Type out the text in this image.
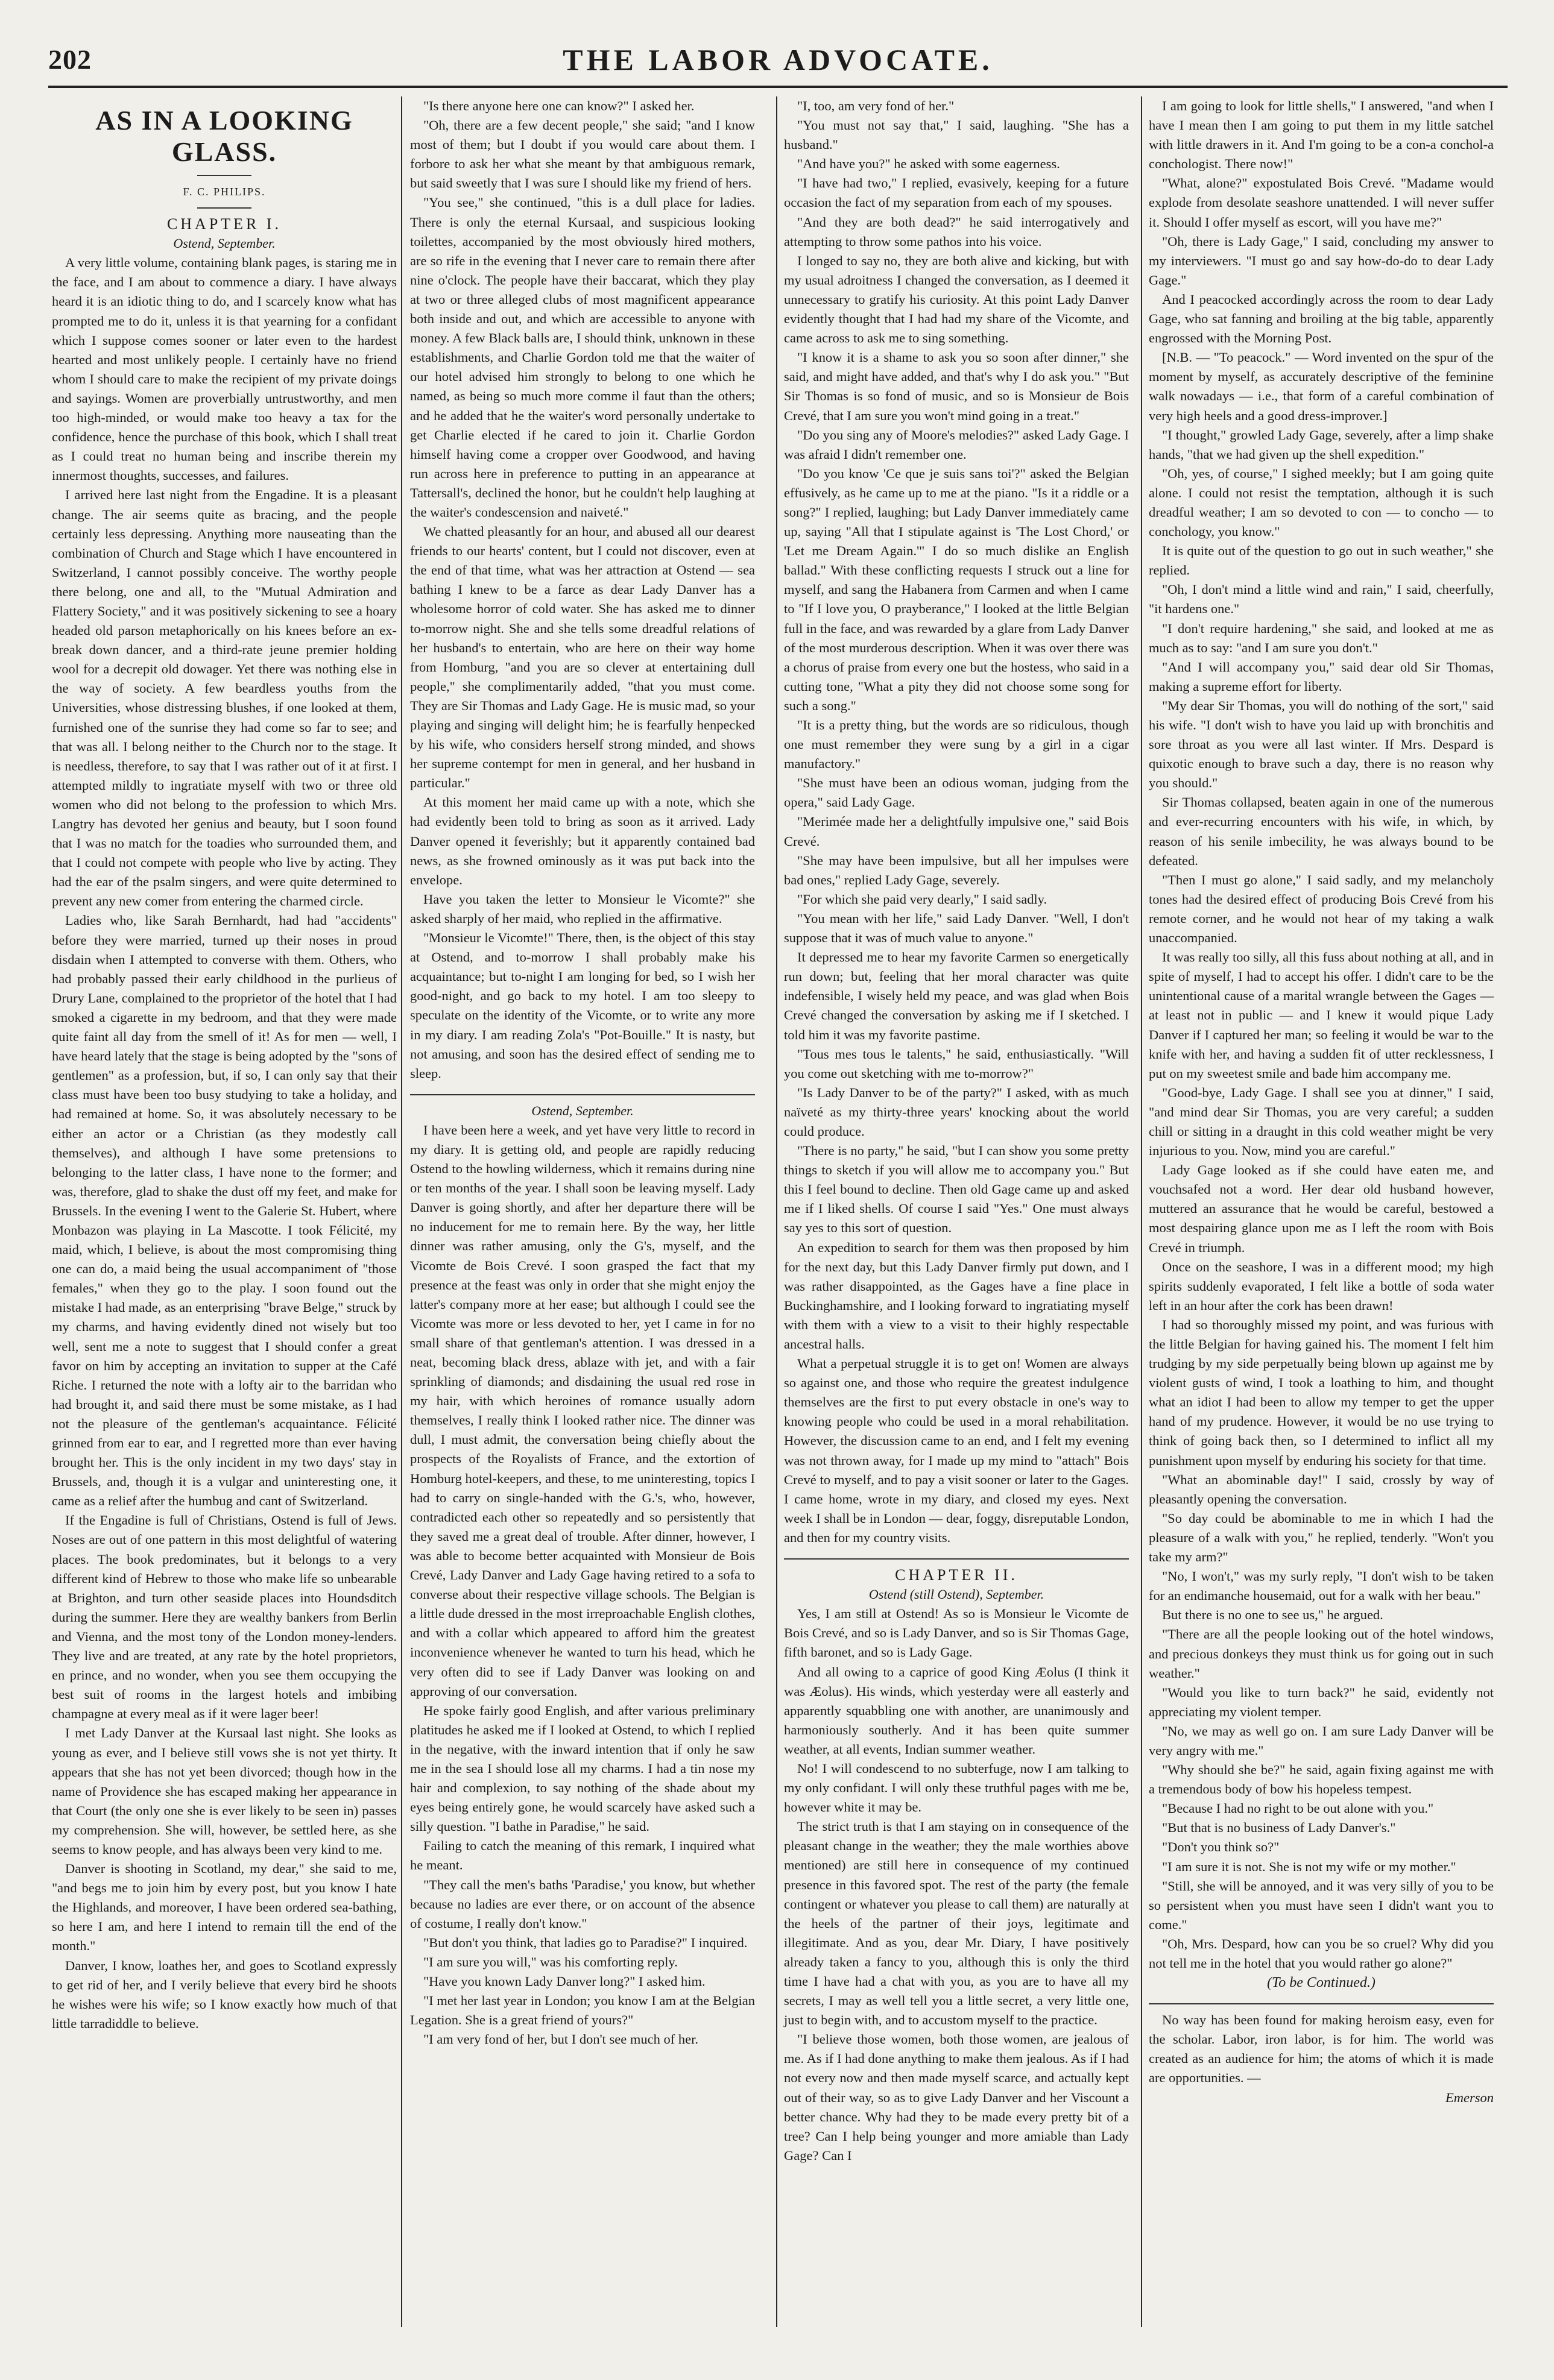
202	THE LABOR ADVOCATE.
AS IN A LOOKING GLASS.
F. C. PHILIPS.

CHAPTER I.

Ostend, September.

A very little volume, containing blank pages, is staring me in the face, and I am about to commence a diary. I have always heard it is an idiotic thing to do, and I scarcely know what has prompted me to do it, unless it is that yearning for a confidant which I suppose comes sooner or later even to the hardest hearted and most unlikely people. I certainly have no friend whom I should care to make the recipient of my private doings and sayings. Women are proverbially untrustworthy, and men too high-minded, or would make too heavy a tax for the confidence, hence the purchase of this book, which I shall treat as I could treat no human being and inscribe therein my innermost thoughts, successes, and failures.

I arrived here last night from the Engadine. It is a pleasant change. The air seems quite as bracing, and the people certainly less depressing. Anything more nauseating than the combination of Church and Stage which I have encountered in Switzerland, I cannot possibly conceive. The worthy people there belong, one and all, to the "Mutual Admiration and Flattery Society," and it was positively sickening to see a hoary headed old parson metaphorically on his knees before an ex-break down dancer, and a third-rate jeune premier holding wool for a decrepit old dowager. Yet there was nothing else in the way of society. A few beardless youths from the Universities, whose distressing blushes, if one looked at them, furnished one of the sunrise they had come so far to see; and that was all. I belong neither to the Church nor to the stage. It is needless, therefore, to say that I was rather out of it at first. I attempted mildly to ingratiate myself with two or three old women who did not belong to the profession to which Mrs. Langtry has devoted her genius and beauty, but I soon found that I was no match for the toadies who surrounded them, and that I could not compete with people who live by acting. They had the ear of the psalm singers, and were quite determined to prevent any new comer from entering the charmed circle.

Ladies who, like Sarah Bernhardt, had had "accidents" before they were married, turned up their noses in proud disdain when I attempted to converse with them. Others, who had probably passed their early childhood in the purlieus of Drury Lane, complained to the proprietor of the hotel that I had smoked a cigarette in my bedroom, and that they were made quite faint all day from the smell of it! As for men — well, I have heard lately that the stage is being adopted by the "sons of gentlemen" as a profession, but, if so, I can only say that their class must have been too busy studying to take a holiday, and had remained at home. So, it was absolutely necessary to be either an actor or a Christian (as they modestly call themselves), and although I have some pretensions to belonging to the latter class, I have none to the former; and was, therefore, glad to shake the dust off my feet, and make for Brussels. In the evening I went to the Galerie St. Hubert, where Monbazon was playing in La Mascotte. I took Félicité, my maid, which, I believe, is about the most compromising thing one can do, a maid being the usual accompaniment of "those females," when they go to the play. I soon found out the mistake I had made, as an enterprising "brave Belge," struck by my charms, and having evidently dined not wisely but too well, sent me a note to suggest that I should confer a great favor on him by accepting an invitation to supper at the Café Riche. I returned the note with a lofty air to the barridan who had brought it, and said there must be some mistake, as I had not the pleasure of the gentleman's acquaintance. Félicité grinned from ear to ear, and I regretted more than ever having brought her. This is the only incident in my two days' stay in Brussels, and, though it is a vulgar and uninteresting one, it came as a relief after the humbug and cant of Switzerland.

If the Engadine is full of Christians, Ostend is full of Jews. Noses are out of one pattern in this most delightful of watering places. The book predominates, but it belongs to a very different kind of Hebrew to those who make life so unbearable at Brighton, and turn other seaside places into Houndsditch during the summer. Here they are wealthy bankers from Berlin and Vienna, and the most tony of the London money-lenders. They live and are treated, at any rate by the hotel proprietors, en prince, and no wonder, when you see them occupying the best suit of rooms in the largest hotels and imbibing champagne at every meal as if it were lager beer!

I met Lady Danver at the Kursaal last night. She looks as young as ever, and I believe still vows she is not yet thirty. It appears that she has not yet been divorced; though how in the name of Providence she has escaped making her appearance in that Court (the only one she is ever likely to be seen in) passes my comprehension. She will, however, be settled here, as she seems to know people, and has always been very kind to me.

Danver is shooting in Scotland, my dear," she said to me, "and begs me to join him by every post, but you know I hate the Highlands, and moreover, I have been ordered sea-bathing, so here I am, and here I intend to remain till the end of the month."

Danver, I know, loathes her, and goes to Scotland expressly to get rid of her, and I verily believe that every bird he shoots he wishes were his wife; so I know exactly how much of that little tarradiddle to believe.

"Is there anyone here one can know?" I asked her.

"Oh, there are a few decent people," she said; "and I know most of them; but I doubt if you would care about them. I forbore to ask her what she meant by that ambiguous remark, but said sweetly that I was sure I should like my friend of hers.

"You see," she continued, "this is a dull place for ladies. There is only the eternal Kursaal, and suspicious looking toilettes, accompanied by the most obviously hired mothers, are so rife in the evening that I never care to remain there after nine o'clock. The people have their baccarat, which they play at two or three alleged clubs of most magnificent appearance both inside and out, and which are accessible to anyone with money. A few Black balls are, I should think, unknown in these establishments, and Charlie Gordon told me that the waiter of our hotel advised him strongly to belong to one which he named, as being so much more comme il faut than the others; and he added that he the waiter's word personally undertake to get Charlie elected if he cared to join it. Charlie Gordon himself having come a cropper over Goodwood, and having run across here in preference to putting in an appearance at Tattersall's, declined the honor, but he couldn't help laughing at the waiter's condescension and naiveté."

We chatted pleasantly for an hour, and abused all our dearest friends to our hearts' content, but I could not discover, even at the end of that time, what was her attraction at Ostend — sea bathing I knew to be a farce as dear Lady Danver has a wholesome horror of cold water. She has asked me to dinner to-morrow night. She and she tells some dreadful relations of her husband's to entertain, who are here on their way home from Homburg, "and you are so clever at entertaining dull people," she complimentarily added, "that you must come. They are Sir Thomas and Lady Gage. He is music mad, so your playing and singing will delight him; he is fearfully henpecked by his wife, who considers herself strong minded, and shows her supreme contempt for men in general, and her husband in particular."

At this moment her maid came up with a note, which she had evidently been told to bring as soon as it arrived. Lady Danver opened it feverishly; but it apparently contained bad news, as she frowned ominously as it was put back into the envelope.

Have you taken the letter to Monsieur le Vicomte?" she asked sharply of her maid, who replied in the affirmative.

"Monsieur le Vicomte!" There, then, is the object of this stay at Ostend, and to-morrow I shall probably make his acquaintance; but to-night I am longing for bed, so I wish her good-night, and go back to my hotel. I am too sleepy to speculate on the identity of the Vicomte, or to write any more in my diary. I am reading Zola's "Pot-Bouille." It is nasty, but not amusing, and soon has the desired effect of sending me to sleep.

Ostend, September.

I have been here a week, and yet have very little to record in my diary. It is getting old, and people are rapidly reducing Ostend to the howling wilderness, which it remains during nine or ten months of the year. I shall soon be leaving myself. Lady Danver is going shortly, and after her departure there will be no inducement for me to remain here. By the way, her little dinner was rather amusing, only the G's, myself, and the Vicomte de Bois Crevé. I soon grasped the fact that my presence at the feast was only in order that she might enjoy the latter's company more at her ease; but although I could see the Vicomte was more or less devoted to her, yet I came in for no small share of that gentleman's attention. I was dressed in a neat, becoming black dress, ablaze with jet, and with a fair sprinkling of diamonds; and disdaining the usual red rose in my hair, with which heroines of romance usually adorn themselves, I really think I looked rather nice. The dinner was dull, I must admit, the conversation being chiefly about the prospects of the Royalists of France, and the extortion of Homburg hotel-keepers, and these, to me uninteresting, topics I had to carry on single-handed with the G.'s, who, however, contradicted each other so repeatedly and so persistently that they saved me a great deal of trouble. After dinner, however, I was able to become better acquainted with Monsieur de Bois Crevé, Lady Danver and Lady Gage having retired to a sofa to converse about their respective village schools. The Belgian is a little dude dressed in the most irreproachable English clothes, and with a collar which appeared to afford him the greatest inconvenience whenever he wanted to turn his head, which he very often did to see if Lady Danver was looking on and approving of our conversation.

He spoke fairly good English, and after various preliminary platitudes he asked me if I looked at Ostend, to which I replied in the negative, with the inward intention that if only he saw me in the sea I should lose all my charms. I had a tin nose my hair and complexion, to say nothing of the shade about my eyes being entirely gone, he would scarcely have asked such a silly question. "I bathe in Paradise," he said.

Failing to catch the meaning of this remark, I inquired what he meant.

"They call the men's baths 'Paradise,' you know, but whether because no ladies are ever there, or on account of the absence of costume, I really don't know."

"But don't you think, that ladies go to Paradise?" I inquired.

"I am sure you will," was his comforting reply.

"Have you known Lady Danver long?" I asked him.

"I met her last year in London; you know I am at the Belgian Legation. She is a great friend of yours?"

"I am very fond of her, but I don't see much of her.

"I, too, am very fond of her."

"You must not say that," I said, laughing. "She has a husband."

"And have you?" he asked with some eagerness.

"I have had two," I replied, evasively, keeping for a future occasion the fact of my separation from each of my spouses.

"And they are both dead?" he said interrogatively and attempting to throw some pathos into his voice.

I longed to say no, they are both alive and kicking, but with my usual adroitness I changed the conversation, as I deemed it unnecessary to gratify his curiosity. At this point Lady Danver evidently thought that I had had my share of the Vicomte, and came across to ask me to sing something.

"I know it is a shame to ask you so soon after dinner," she said, and might have added, and that's why I do ask you." "But Sir Thomas is so fond of music, and so is Monsieur de Bois Crevé, that I am sure you won't mind going in a treat."

"Do you sing any of Moore's melodies?" asked Lady Gage. I was afraid I didn't remember one.

"Do you know 'Ce que je suis sans toi'?" asked the Belgian effusively, as he came up to me at the piano. "Is it a riddle or a song?" I replied, laughing; but Lady Danver immediately came up, saying "All that I stipulate against is 'The Lost Chord,' or 'Let me Dream Again.'" I do so much dislike an English ballad." With these conflicting requests I struck out a line for myself, and sang the Habanera from Carmen and when I came to "If I love you, O prayberance," I looked at the little Belgian full in the face, and was rewarded by a glare from Lady Danver of the most murderous description. When it was over there was a chorus of praise from every one but the hostess, who said in a cutting tone, "What a pity they did not choose some song for such a song."

"It is a pretty thing, but the words are so ridiculous, though one must remember they were sung by a girl in a cigar manufactory."

"She must have been an odious woman, judging from the opera," said Lady Gage.

"Merimée made her a delightfully impulsive one," said Bois Crevé.

"She may have been impulsive, but all her impulses were bad ones," replied Lady Gage, severely.

"For which she paid very dearly," I said sadly.

"You mean with her life," said Lady Danver. "Well, I don't suppose that it was of much value to anyone."

It depressed me to hear my favorite Carmen so energetically run down; but, feeling that her moral character was quite indefensible, I wisely held my peace, and was glad when Bois Crevé changed the conversation by asking me if I sketched. I told him it was my favorite pastime.

"Tous mes tous le talents," he said, enthusiastically. "Will you come out sketching with me to-morrow?"

"Is Lady Danver to be of the party?" I asked, with as much naïveté as my thirty-three years' knocking about the world could produce.

"There is no party," he said, "but I can show you some pretty things to sketch if you will allow me to accompany you." But this I feel bound to decline. Then old Gage came up and asked me if I liked shells. Of course I said "Yes." One must always say yes to this sort of question.

An expedition to search for them was then proposed by him for the next day, but this Lady Danver firmly put down, and I was rather disappointed, as the Gages have a fine place in Buckinghamshire, and I looking forward to ingratiating myself with them with a view to a visit to their highly respectable ancestral halls.

What a perpetual struggle it is to get on! Women are always so against one, and those who require the greatest indulgence themselves are the first to put every obstacle in one's way to knowing people who could be used in a moral rehabilitation. However, the discussion came to an end, and I felt my evening was not thrown away, for I made up my mind to "attach" Bois Crevé to myself, and to pay a visit sooner or later to the Gages. I came home, wrote in my diary, and closed my eyes. Next week I shall be in London — dear, foggy, disreputable London, and then for my country visits.

CHAPTER II.

Ostend (still Ostend), September.

Yes, I am still at Ostend! As so is Monsieur le Vicomte de Bois Crevé, and so is Lady Danver, and so is Sir Thomas Gage, fifth baronet, and so is Lady Gage.

And all owing to a caprice of good King Æolus (I think it was Æolus). His winds, which yesterday were all easterly and apparently squabbling one with another, are unanimously and harmoniously southerly. And it has been quite summer weather, at all events, Indian summer weather.

No! I will condescend to no subterfuge, now I am talking to my only confidant. I will only these truthful pages with me be, however white it may be.

The strict truth is that I am staying on in consequence of the pleasant change in the weather; they the male worthies above mentioned) are still here in consequence of my continued presence in this favored spot. The rest of the party (the female contingent or whatever you please to call them) are naturally at the heels of the partner of their joys, legitimate and illegitimate. And as you, dear Mr. Diary, I have positively already taken a fancy to you, although this is only the third time I have had a chat with you, as you are to have all my secrets, I may as well tell you a little secret, a very little one, just to begin with, and to accustom myself to the practice.

"I believe those women, both those women, are jealous of me. As if I had done anything to make them jealous. As if I had not every now and then made myself scarce, and actually kept out of their way, so as to give Lady Danver and her Viscount a better chance. Why had they to be made every pretty bit of a tree? Can I help being younger and more amiable than Lady Gage? Can I

I am going to look for little shells," I answered, "and when I have I mean then I am going to put them in my little satchel with little drawers in it. And I'm going to be a con-a conchol-a conchologist. There now!"

"What, alone?" expostulated Bois Crevé. "Madame would explode from desolate seashore unattended. I will never suffer it. Should I offer myself as escort, will you have me?"

"Oh, there is Lady Gage," I said, concluding my answer to my interviewers. "I must go and say how-do-do to dear Lady Gage."

And I peacocked accordingly across the room to dear Lady Gage, who sat fanning and broiling at the big table, apparently engrossed with the Morning Post.

[N.B. — "To peacock." — Word invented on the spur of the moment by myself, as accurately descriptive of the feminine walk nowadays — i.e., that form of a careful combination of very high heels and a good dress-improver.]

"I thought," growled Lady Gage, severely, after a limp shake hands, "that we had given up the shell expedition."

"Oh, yes, of course," I sighed meekly; but I am going quite alone. I could not resist the temptation, although it is such dreadful weather; I am so devoted to con — to concho — to conchology, you know."

It is quite out of the question to go out in such weather," she replied.

"Oh, I don't mind a little wind and rain," I said, cheerfully, "it hardens one."

"I don't require hardening," she said, and looked at me as much as to say: "and I am sure you don't."

"And I will accompany you," said dear old Sir Thomas, making a supreme effort for liberty.

"My dear Sir Thomas, you will do nothing of the sort," said his wife. "I don't wish to have you laid up with bronchitis and sore throat as you were all last winter. If Mrs. Despard is quixotic enough to brave such a day, there is no reason why you should."

Sir Thomas collapsed, beaten again in one of the numerous and ever-recurring encounters with his wife, in which, by reason of his senile imbecility, he was always bound to be defeated.

"Then I must go alone," I said sadly, and my melancholy tones had the desired effect of producing Bois Crevé from his remote corner, and he would not hear of my taking a walk unaccompanied.

It was really too silly, all this fuss about nothing at all, and in spite of myself, I had to accept his offer. I didn't care to be the unintentional cause of a marital wrangle between the Gages — at least not in public — and I knew it would pique Lady Danver if I captured her man; so feeling it would be war to the knife with her, and having a sudden fit of utter recklessness, I put on my sweetest smile and bade him accompany me.

"Good-bye, Lady Gage. I shall see you at dinner," I said, "and mind dear Sir Thomas, you are very careful; a sudden chill or sitting in a draught in this cold weather might be very injurious to you. Now, mind you are careful."

Lady Gage looked as if she could have eaten me, and vouchsafed not a word. Her dear old husband however, muttered an assurance that he would be careful, bestowed a most despairing glance upon me as I left the room with Bois Crevé in triumph.

Once on the seashore, I was in a different mood; my high spirits suddenly evaporated, I felt like a bottle of soda water left in an hour after the cork has been drawn!

I had so thoroughly missed my point, and was furious with the little Belgian for having gained his. The moment I felt him trudging by my side perpetually being blown up against me by violent gusts of wind, I took a loathing to him, and thought what an idiot I had been to allow my temper to get the upper hand of my prudence. However, it would be no use trying to think of going back then, so I determined to inflict all my punishment upon myself by enduring his society for that time.

"What an abominable day!" I said, crossly by way of pleasantly opening the conversation.

"So day could be abominable to me in which I had the pleasure of a walk with you," he replied, tenderly. "Won't you take my arm?"

"No, I won't," was my surly reply, "I don't wish to be taken for an endimanche housemaid, out for a walk with her beau."

But there is no one to see us," he argued.

"There are all the people looking out of the hotel windows, and precious donkeys they must think us for going out in such weather."

"Would you like to turn back?" he said, evidently not appreciating my violent temper.

"No, we may as well go on. I am sure Lady Danver will be very angry with me."

"Why should she be?" he said, again fixing against me with a tremendous body of bow his hopeless tempest.

"Because I had no right to be out alone with you."

"But that is no business of Lady Danver's."

"Don't you think so?"

"I am sure it is not. She is not my wife or my mother."

"Still, she will be annoyed, and it was very silly of you to be so persistent when you must have seen I didn't want you to come."

"Oh, Mrs. Despard, how can you be so cruel? Why did you not tell me in the hotel that you would rather go alone?"

(To be Continued.)

No way has been found for making heroism easy, even for the scholar. Labor, iron labor, is for him. The world was created as an audience for him; the atoms of which it is made are opportunities. —

Emerson
